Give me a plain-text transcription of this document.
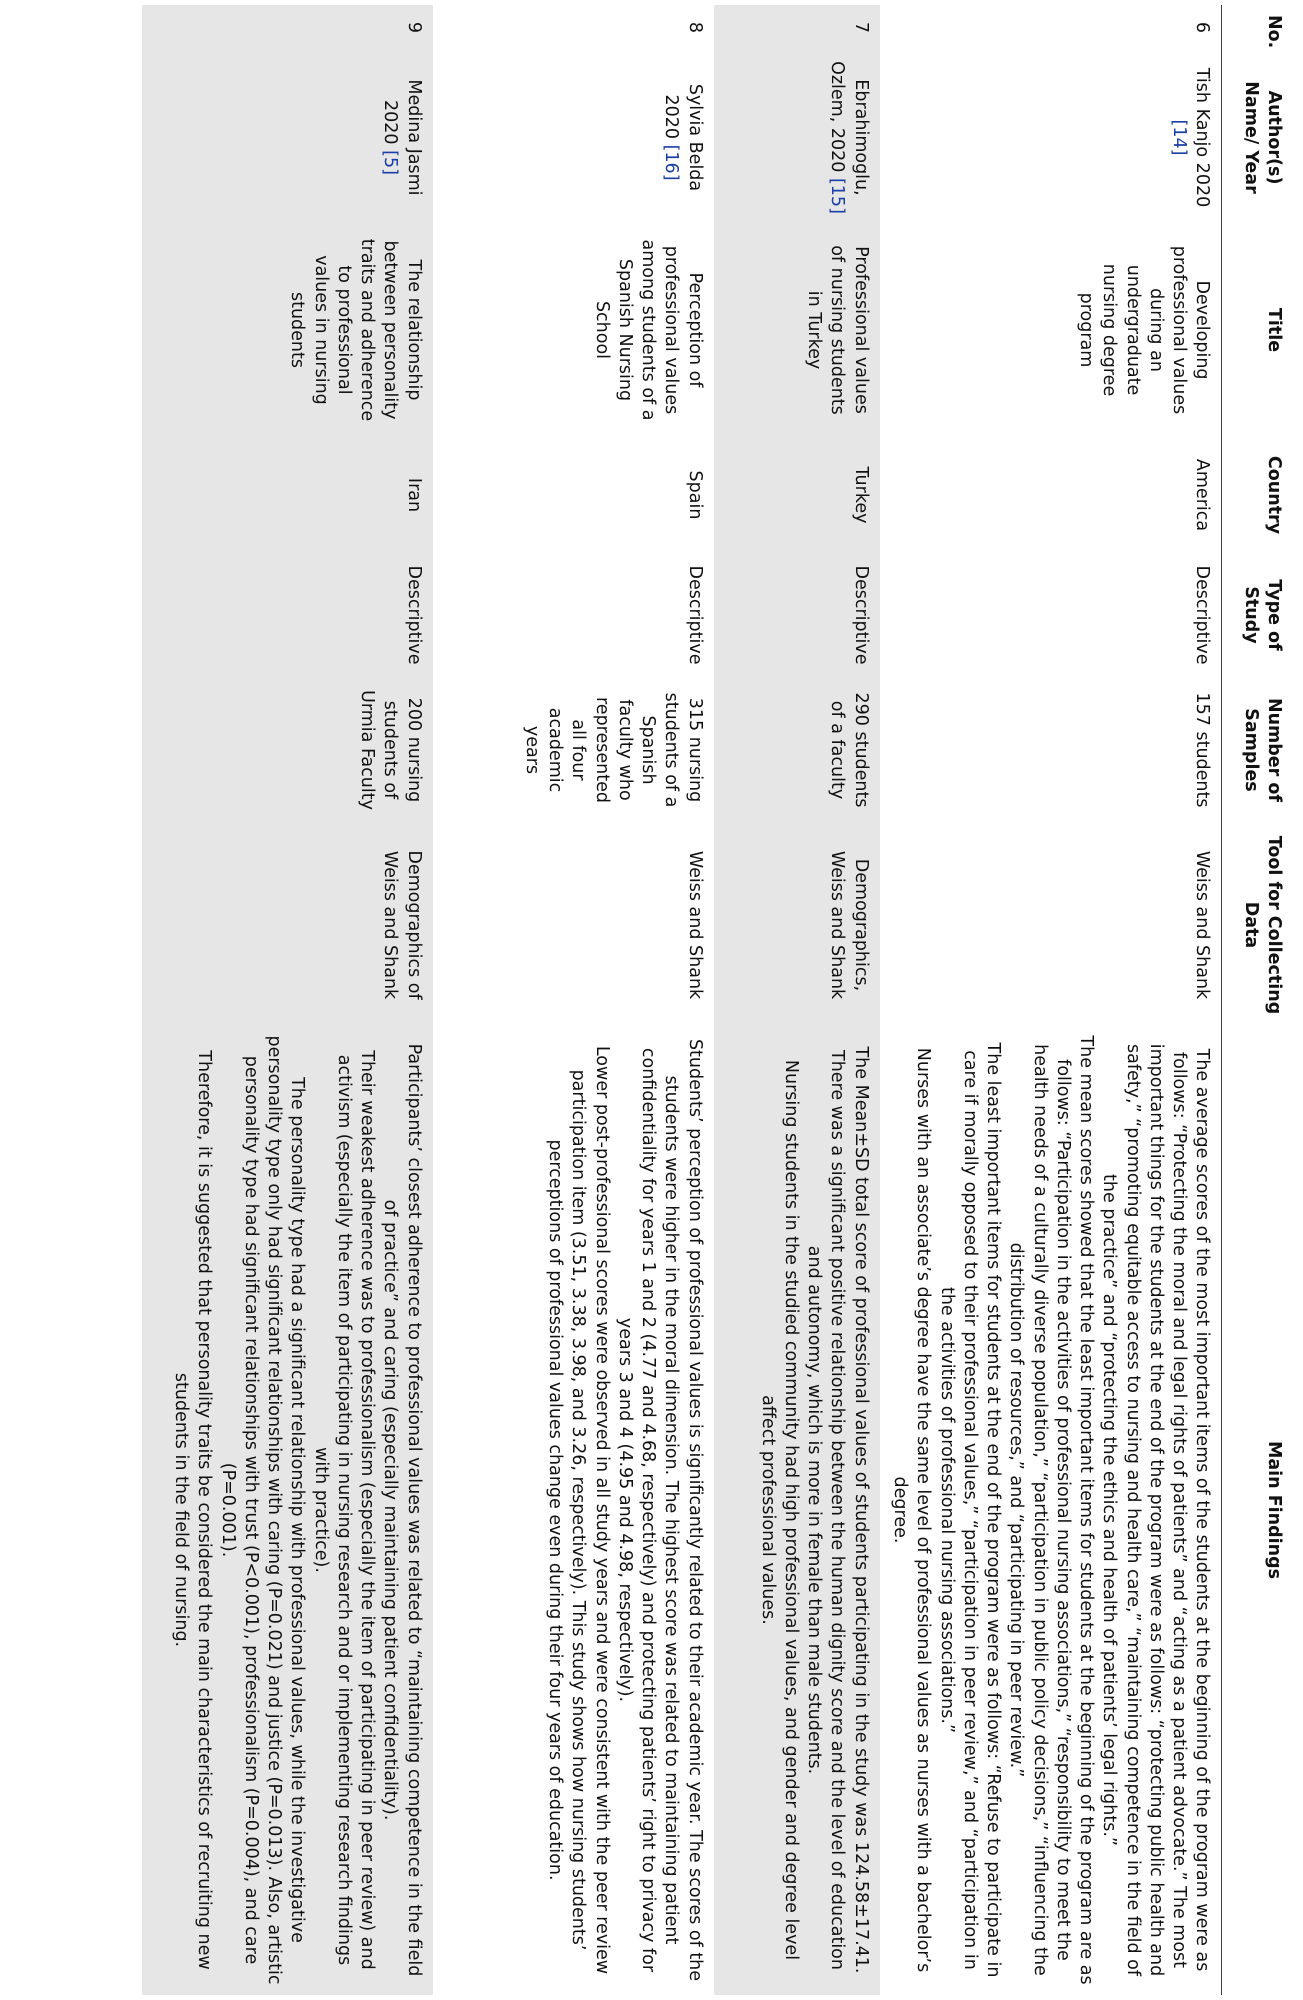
No.	Author(s) Name/ Year	Title	Country	Type of Study	Number of Samples	Tool for Collecting Data	Main Findings
6	Tish Kanjo 2020 [14]	Developing professional values during an undergraduate nursing degree program	America	Descriptive	157 students	Weiss and Shank	The average scores of the most important items of the students at the beginning of the program were as follows: “Protecting the moral and legal rights of patients” and “acting as a patient advocate.” The most important things for the students at the end of the program were as follows: “protecting public health and safety,” “promoting equitable access to nursing and health care,” “maintaining competence in the field of the practice” and “protecting the ethics and health of patients’ legal rights.”

The mean scores showed that the least important items for students at the beginning of the program are as follows: “Participation in the activities of professional nursing associations,” “responsibility to meet the health needs of a culturally diverse population,” “participation in public policy decisions,” “influencing the distribution of resources,” and “participating in peer review.”

The least important items for students at the end of the program were as follows: “Refuse to participate in care if morally opposed to their professional values,” “participation in peer review,” and “participation in the activities of professional nursing associations.”

Nurses with an associate’s degree have the same level of professional values as nurses with a bachelor’s degree.

7	Ebrahimoglu, Ozlem, 2020 [15]	Professional values of nursing students in Turkey	Turkey	Descriptive	290 students of a faculty	Demographics, Weiss and Shank	The Mean±SD total score of professional values of students participating in the study was 124.58±17.41. There was a significant positive relationship between the human dignity score and the level of education and autonomy, which is more in female than male students.

Nursing students in the studied community had high professional values, and gender and degree level affect professional values.

8	Sylvia Belda 2020 [16]	Perception of professional values among students of a Spanish Nursing School	Spain	Descriptive	315 nursing students of a Spanish faculty who represented all four academic years	Weiss and Shank	Students’ perception of professional values is significantly related to their academic year. The scores of the students were higher in the moral dimension. The highest score was related to maintaining patient confidentiality for years 1 and 2 (4.77 and 4.68, respectively) and protecting patients’ right to privacy for years 3 and 4 (4.95 and 4.98, respectively).

Lower post-professional scores were observed in all study years and were consistent with the peer review participation item (3.51, 3.38, 3.98, and 3.26, respectively). This study shows how nursing students’ perceptions of professional values change even during their four years of education.

9	Medina Jasmi 2020 [5]	The relationship between personality traits and adherence to professional values in nursing students	Iran	Descriptive	200 nursing students of Urmia Faculty	Demographics of Weiss and Shank	Participants’ closest adherence to professional values was related to “maintaining competence in the field of practice” and caring (especially maintaining patient confidentiality).

Their weakest adherence was to professionalism (especially the item of participating in peer review) and activism (especially the item of participating in nursing research and or implementing research findings with practice).

The personality type had a significant relationship with professional values, while the investigative personality type only had significant relationships with caring (P=0.021) and justice (P=0.013). Also, artistic personality type had significant relationships with trust (P<0.001), professionalism (P=0.004), and care (P=0.001).

Therefore, it is suggested that personality traits be considered the main characteristics of recruiting new students in the field of nursing.
